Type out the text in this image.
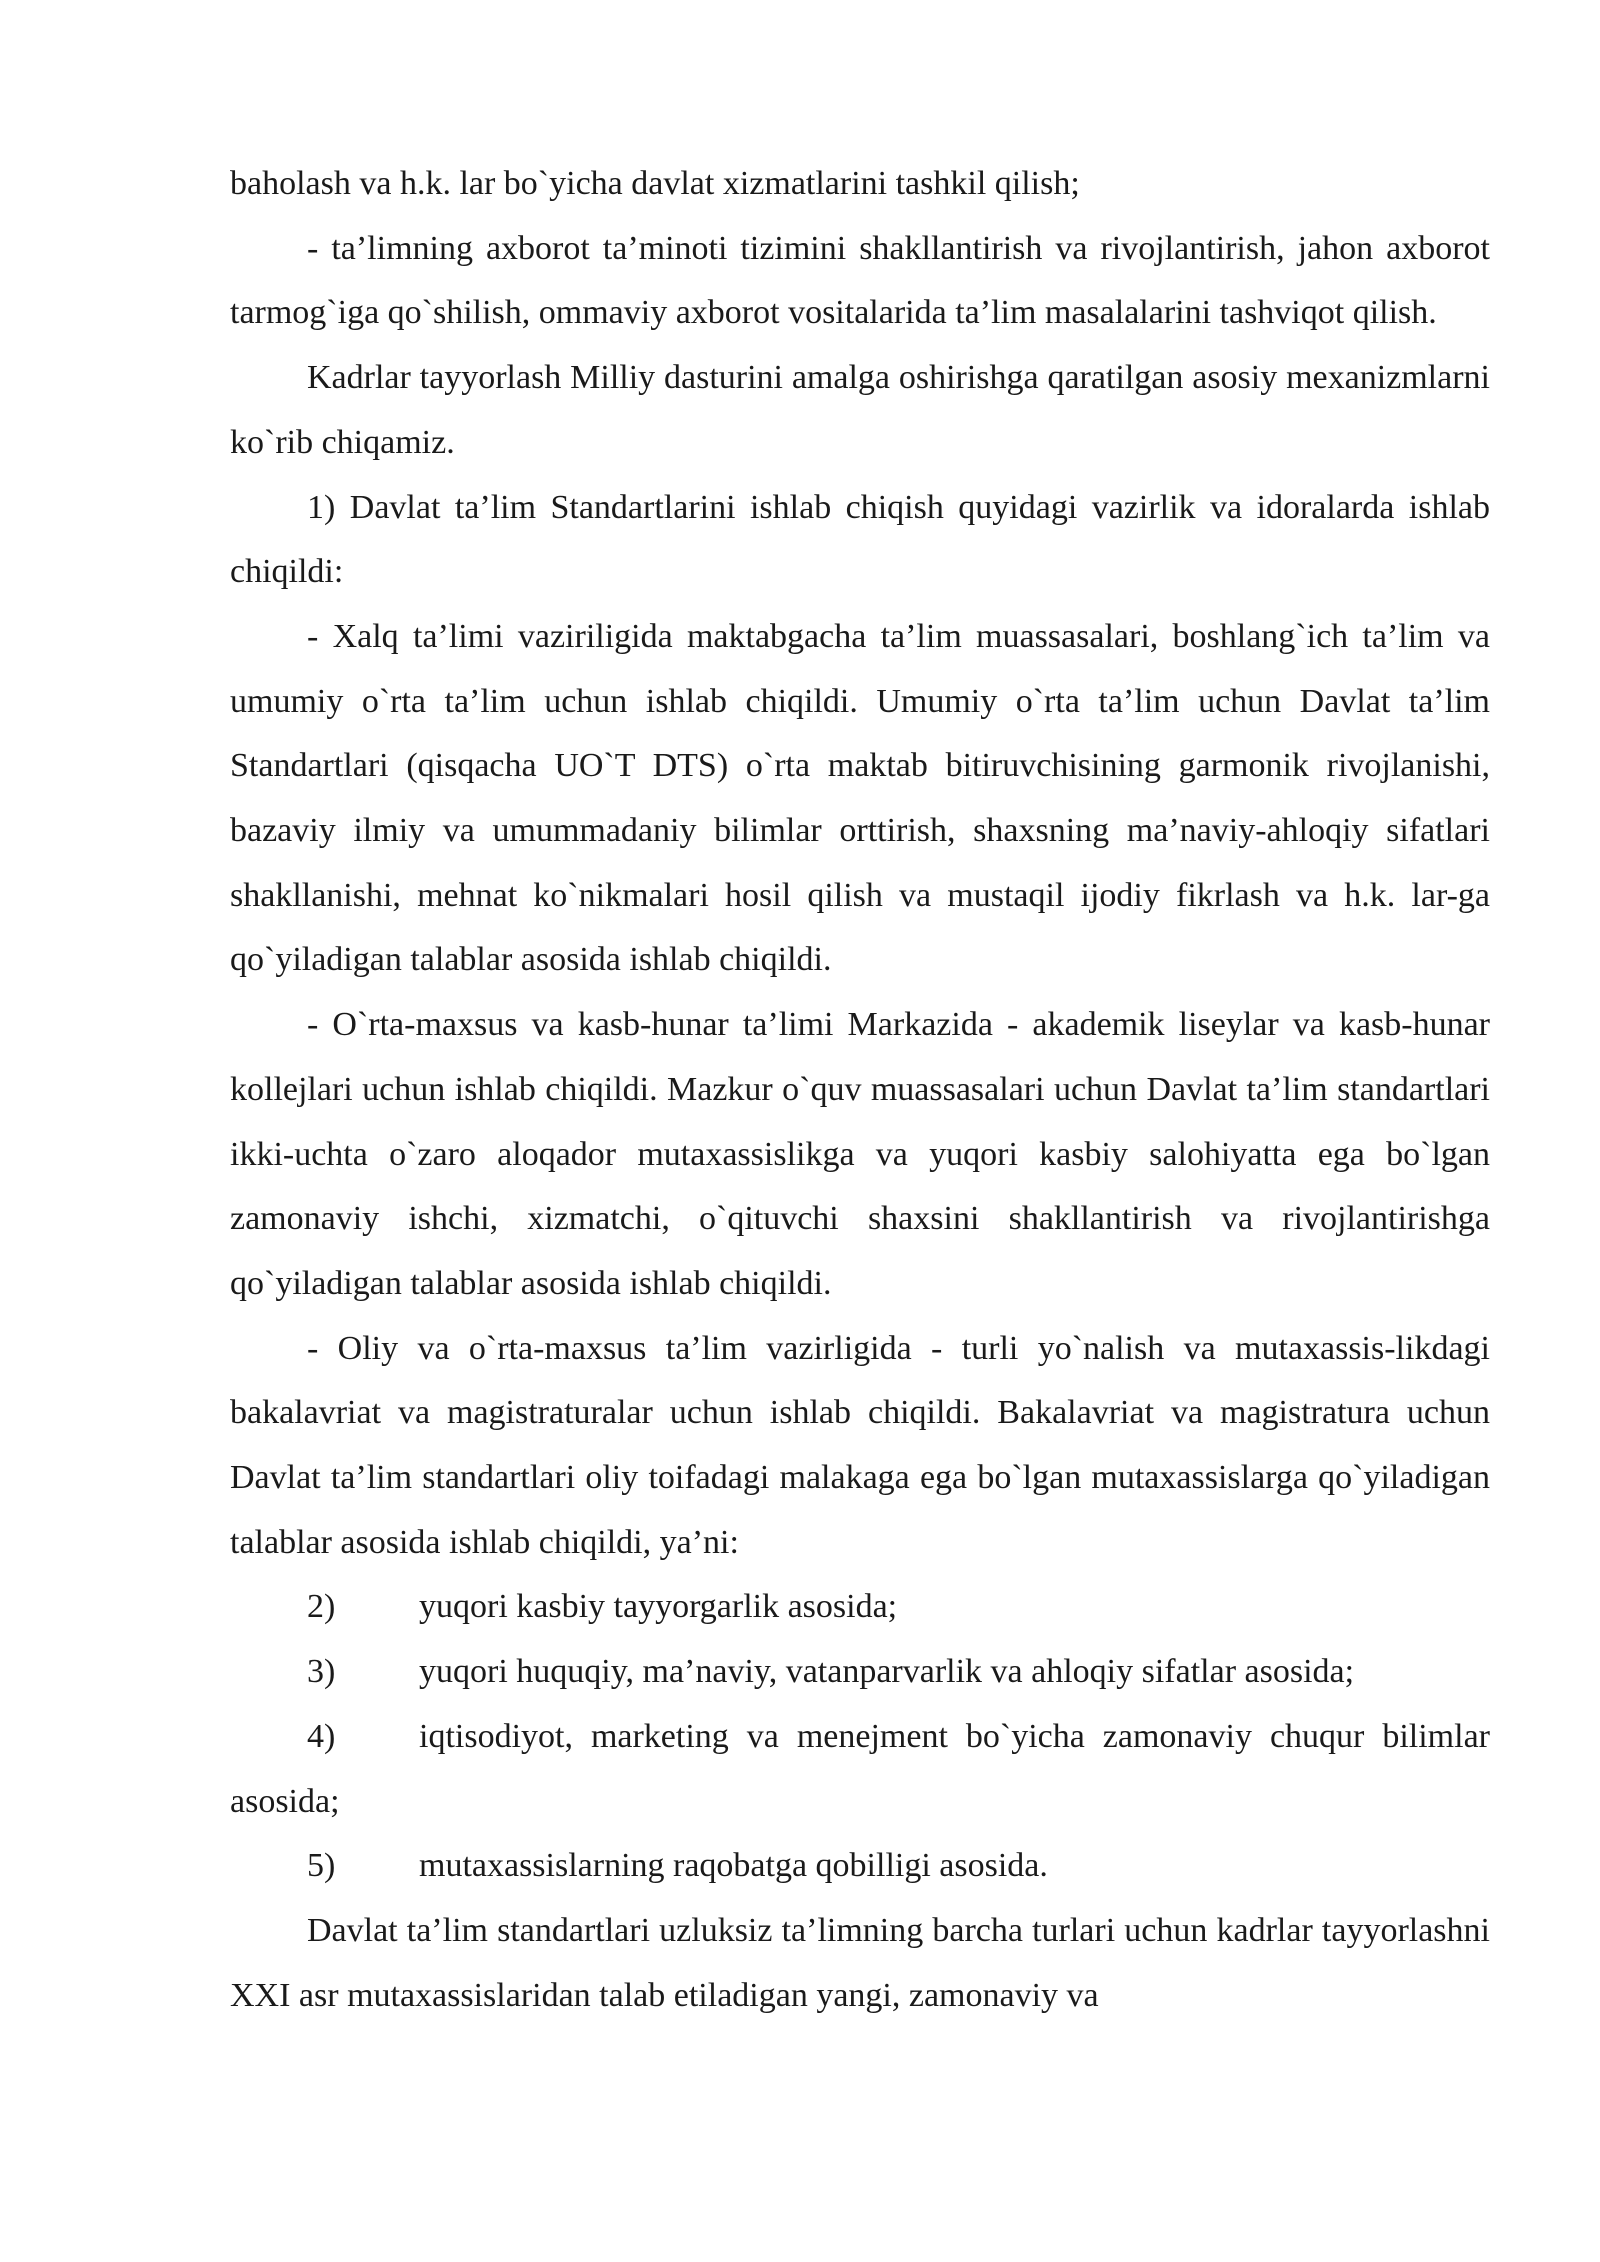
baholash va h.k. lar bo`yicha davlat xizmatlarini tashkil qilish;

- ta’limning axborot ta’minoti tizimini shakllantirish va rivojlantirish, jahon axborot tarmog`iga qo`shilish, ommaviy axborot vositalarida ta’lim masalalarini tashviqot qilish.

Kadrlar tayyorlash Milliy dasturini amalga oshirishga qaratilgan asosiy mexanizmlarni ko`rib chiqamiz.

1) Davlat ta’lim Standartlarini ishlab chiqish quyidagi vazirlik va idoralarda ishlab chiqildi:

- Xalq ta’limi vaziriligida maktabgacha ta’lim muassasalari, boshlang`ich ta’lim va umumiy o`rta ta’lim uchun ishlab chiqildi. Umumiy o`rta ta’lim uchun Davlat ta’lim Standartlari (qisqacha UO`T DTS) o`rta maktab bitiruvchisining garmonik rivojlanishi, bazaviy ilmiy va umummadaniy bilimlar orttirish, shaxsning ma’naviy-ahloqiy sifatlari shakllanishi, mehnat ko`nikmalari hosil qilish va mustaqil ijodiy fikrlash va h.k. lar-ga qo`yiladigan talablar asosida ishlab chiqildi.

- O`rta-maxsus va kasb-hunar ta’limi Markazida - akademik liseylar va kasb-hunar kollejlari uchun ishlab chiqildi. Mazkur o`quv muassasalari uchun Davlat ta’lim standartlari ikki-uchta o`zaro aloqador mutaxassislikga va yuqori kasbiy salohiyatta ega bo`lgan zamonaviy ishchi, xizmatchi, o`qituvchi shaxsini shakllantirish va rivojlantirishga qo`yiladigan talablar asosida ishlab chiqildi.

- Oliy va o`rta-maxsus ta’lim vazirligida - turli yo`nalish va mutaxassis-likdagi bakalavriat va magistraturalar uchun ishlab chiqildi. Bakalavriat va magistratura uchun Davlat ta’lim standartlari oliy toifadagi malakaga ega bo`lgan mutaxassislarga qo`yiladigan talablar asosida ishlab chiqildi, ya’ni:

2) yuqori kasbiy tayyorgarlik asosida;

3) yuqori huquqiy, ma’naviy, vatanparvarlik va ahloqiy sifatlar asosida;

4) iqtisodiyot, marketing va menejment bo`yicha zamonaviy chuqur bilimlar asosida;

5) mutaxassislarning raqobatga qobilligi asosida.

Davlat ta’lim standartlari uzluksiz ta’limning barcha turlari uchun kadrlar tayyorlashni XXI asr mutaxassislaridan talab etiladigan yangi, zamonaviy va
